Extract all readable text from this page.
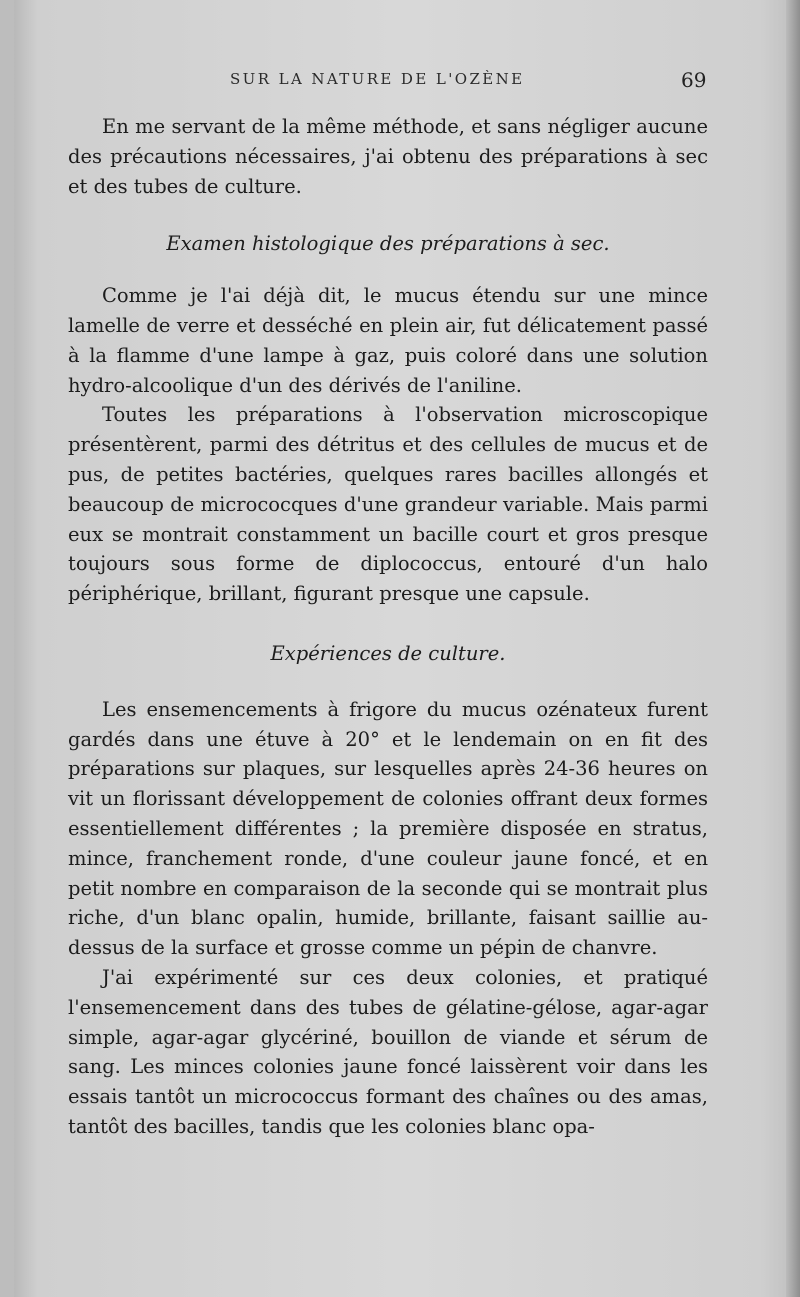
SUR LA NATURE DE L'OZÈNE	69

En me servant de la même méthode, et sans négliger aucune des précautions nécessaires, j'ai obtenu des préparations à sec et des tubes de culture.

Examen histologique des préparations à sec.

Comme je l'ai déjà dit, le mucus étendu sur une mince lamelle de verre et desséché en plein air, fut délicatement passé à la flamme d'une lampe à gaz, puis coloré dans une solution hydro-alcoolique d'un des dérivés de l'aniline.

Toutes les préparations à l'observation microscopique présentèrent, parmi des détritus et des cellules de mucus et de pus, de petites bactéries, quelques rares bacilles allongés et beaucoup de micrococques d'une grandeur variable. Mais parmi eux se montrait constamment un bacille court et gros presque toujours sous forme de diplococcus, entouré d'un halo périphérique, brillant, figurant presque une capsule.

Expériences de culture.

Les ensemencements à frigore du mucus ozénateux furent gardés dans une étuve à 20° et le lendemain on en fit des préparations sur plaques, sur lesquelles après 24-36 heures on vit un florissant développement de colonies offrant deux formes essentiellement différentes ; la première disposée en stratus, mince, franchement ronde, d'une couleur jaune foncé, et en petit nombre en comparaison de la seconde qui se montrait plus riche, d'un blanc opalin, humide, brillante, faisant saillie au-dessus de la surface et grosse comme un pépin de chanvre.

J'ai expérimenté sur ces deux colonies, et pratiqué l'ensemencement dans des tubes de gélatine-gélose, agar-agar simple, agar-agar glycériné, bouillon de viande et sérum de sang. Les minces colonies jaune foncé laissèrent voir dans les essais tantôt un micrococcus formant des chaînes ou des amas, tantôt des bacilles, tandis que les colonies blanc opa-
